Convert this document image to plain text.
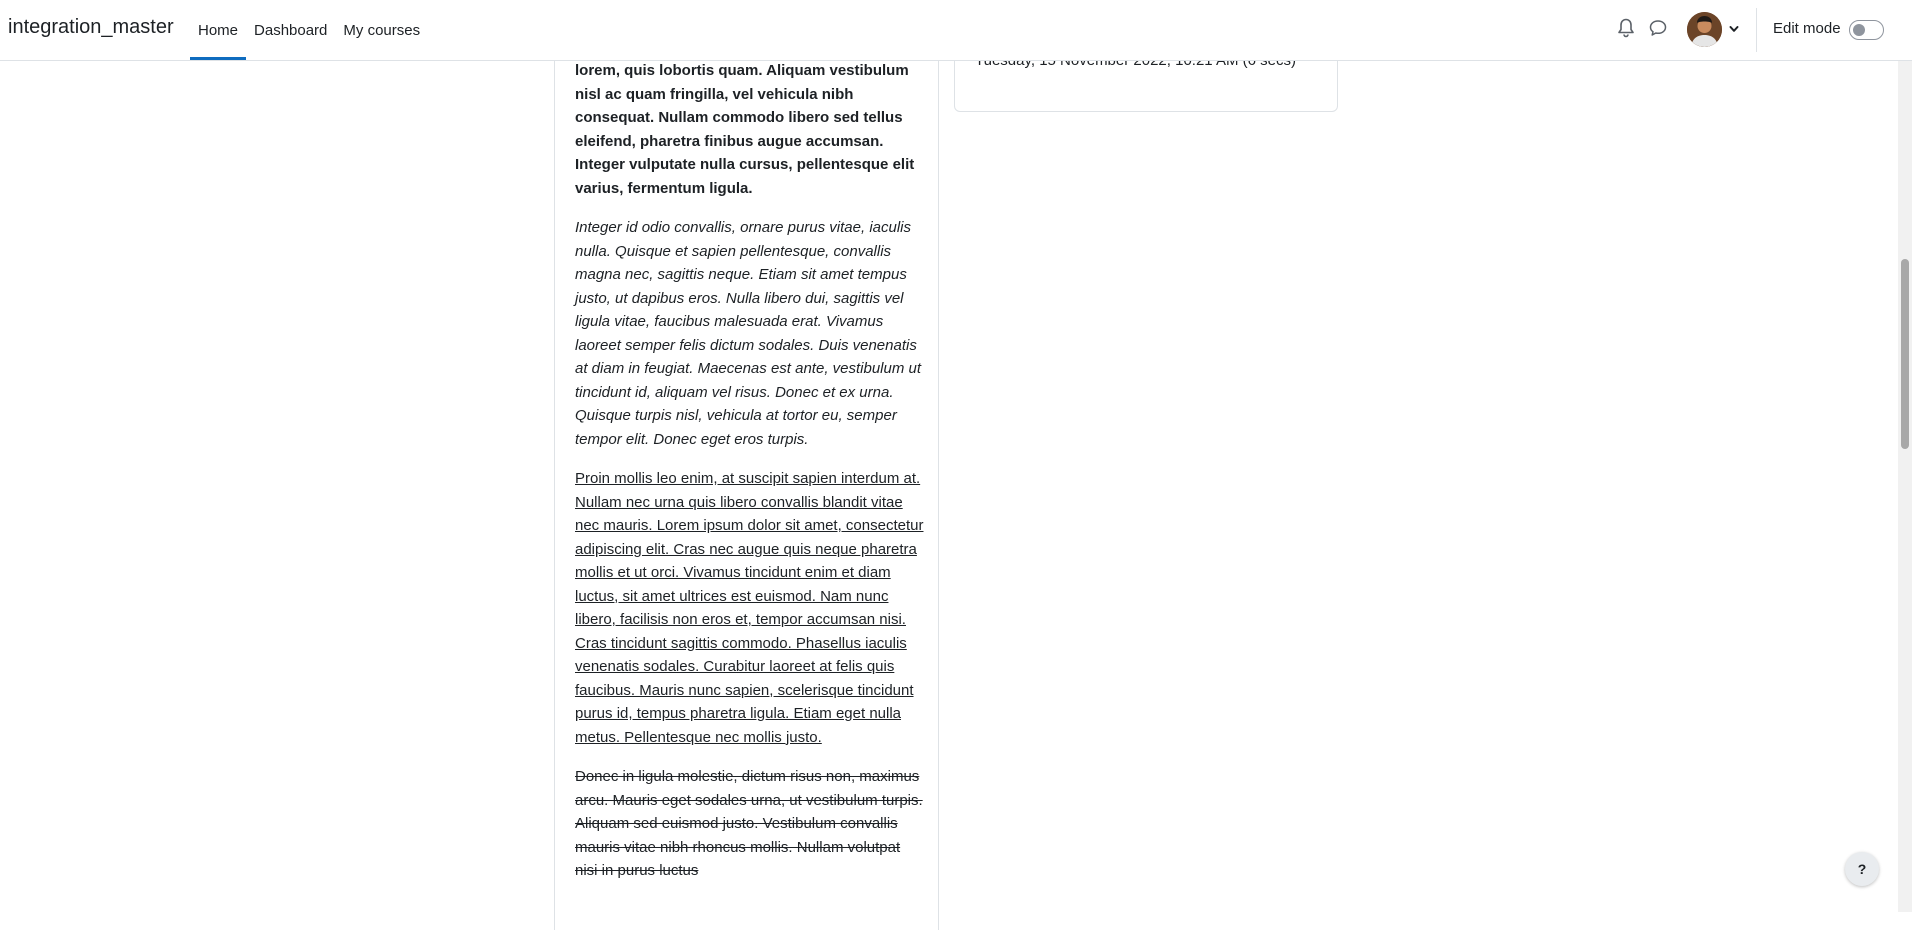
integration_master	Home	Dashboard	My courses	Edit mode

lorem, quis lobortis quam. Aliquam vestibulum nisl ac quam fringilla, vel vehicula nibh consequat. Nullam commodo libero sed tellus eleifend, pharetra finibus augue accumsan. Integer vulputate nulla cursus, pellentesque elit varius, fermentum ligula.

Integer id odio convallis, ornare purus vitae, iaculis nulla. Quisque et sapien pellentesque, convallis magna nec, sagittis neque. Etiam sit amet tempus justo, ut dapibus eros. Nulla libero dui, sagittis vel ligula vitae, faucibus malesuada erat. Vivamus laoreet semper felis dictum sodales. Duis venenatis at diam in feugiat. Maecenas est ante, vestibulum ut tincidunt id, aliquam vel risus. Donec et ex urna. Quisque turpis nisl, vehicula at tortor eu, semper tempor elit. Donec eget eros turpis.

Proin mollis leo enim, at suscipit sapien interdum at. Nullam nec urna quis libero convallis blandit vitae nec mauris. Lorem ipsum dolor sit amet, consectetur adipiscing elit. Cras nec augue quis neque pharetra mollis et ut orci. Vivamus tincidunt enim et diam luctus, sit amet ultrices est euismod. Nam nunc libero, facilisis non eros et, tempor accumsan nisi. Cras tincidunt sagittis commodo. Phasellus iaculis venenatis sodales. Curabitur laoreet at felis quis faucibus. Mauris nunc sapien, scelerisque tincidunt purus id, tempus pharetra ligula. Etiam eget nulla metus. Pellentesque nec mollis justo.

Donec in ligula molestie, dictum risus non, maximus arcu. Mauris eget sodales urna, ut vestibulum turpis. Aliquam sed euismod justo. Vestibulum convallis mauris vitae nibh rhoncus mollis. Nullam volutpat nisi in purus luctus	?
